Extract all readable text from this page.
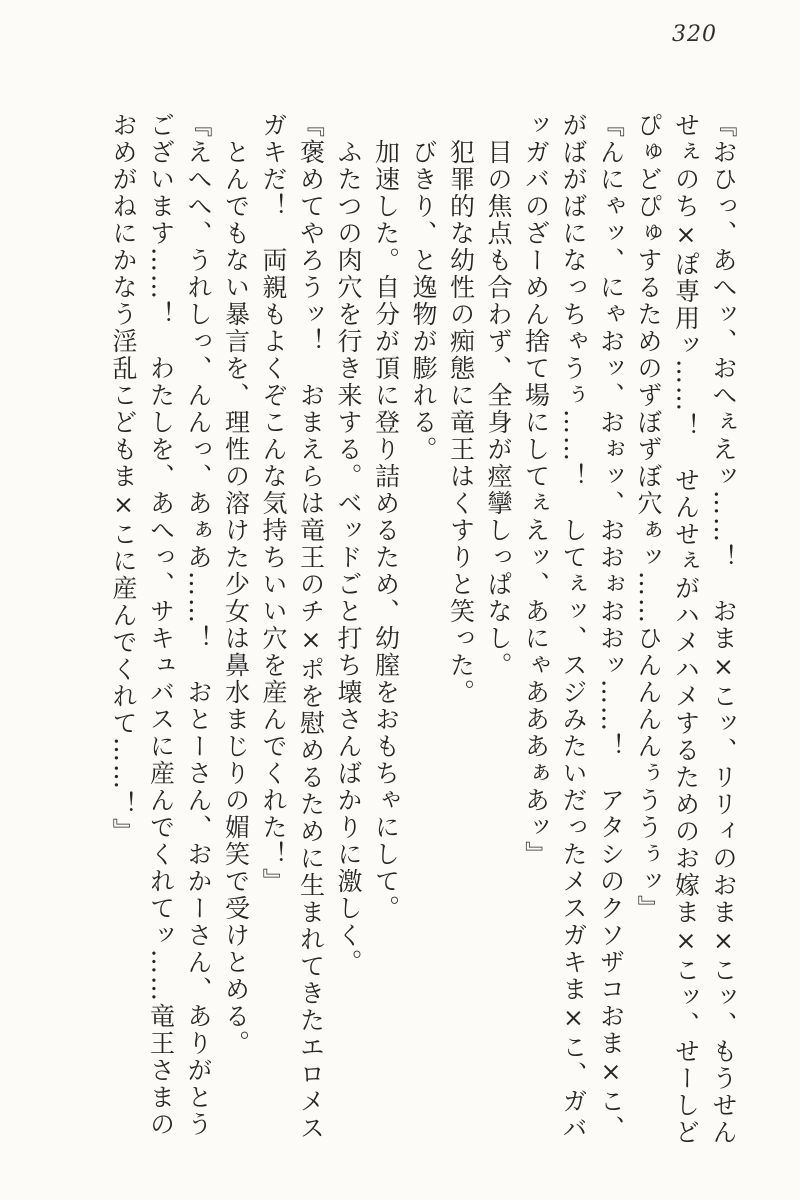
320

『おひっ、あへッ、おへぇえッ……！　おま×こッ、リリィのおま×こッ、もうせん

せぇのち×ぽ専用ッ……！　せんせぇがハメハメするためのお嫁ま×こッ、せーしど

ぴゅどぴゅするためのずぼずぼ穴ぁッ……ひんんんんぅううぅッ』

『んにゃッ、にゃおッ、おぉッ、おおぉおおッ……！　アタシのクソザコおま×こ、

がばがばになっちゃうぅ……！　してぇッ、スジみたいだったメスガキま×こ、ガバ

ッガバのざーめん捨て場にしてぇえッ、あにゃあああぁあッ』

目の焦点も合わず、全身が痙攣しっぱなし。

犯罪的な幼性の痴態に竜王はくすりと笑った。

びきり、と逸物が膨れる。

加速した。自分が頂に登り詰めるため、幼膣をおもちゃにして。

ふたつの肉穴を行き来する。ベッドごと打ち壊さんばかりに激しく。

『褒めてやろうッ！　おまえらは竜王のチ×ポを慰めるために生まれてきたエロメス

ガキだ！　両親もよくぞこんな気持ちいい穴を産んでくれた！』

とんでもない暴言を、理性の溶けた少女は鼻水まじりの媚笑で受けとめる。

『えへへ、うれしっ、んんっ、あぁあ……！　おとーさん、おかーさん、ありがとう

ございます……！　わたしを、あへっ、サキュバスに産んでくれてッ……竜王さまの

おめがねにかなう淫乱こどもま×こに産んでくれて……！』
